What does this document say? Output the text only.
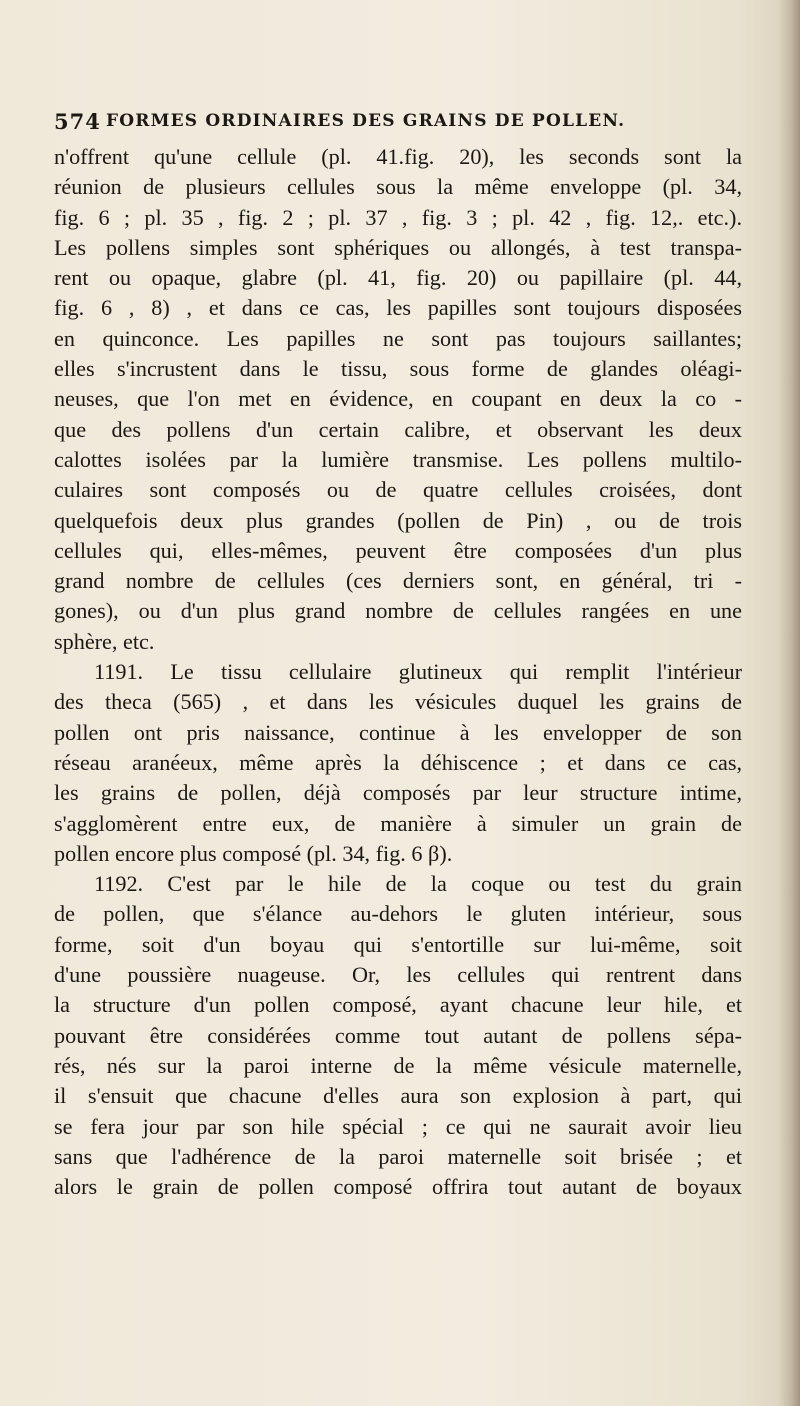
574 FORMES ORDINAIRES DES GRAINS DE POLLEN.
n'offrent qu'une cellule (pl. 41.fig. 20), les seconds sont la
réunion de plusieurs cellules sous la même enveloppe (pl. 34,
fig. 6 ; pl. 35 , fig. 2 ; pl. 37 , fig. 3 ; pl. 42 , fig. 12,. etc.).
Les pollens simples sont sphériques ou allongés, à test transpa-
rent ou opaque, glabre (pl. 41, fig. 20) ou papillaire (pl. 44,
fig. 6 , 8) , et dans ce cas, les papilles sont toujours disposées
en quinconce. Les papilles ne sont pas toujours saillantes;
elles s'incrustent dans le tissu, sous forme de glandes oléagi-
neuses, que l'on met en évidence, en coupant en deux la co -
que des pollens d'un certain calibre, et observant les deux
calottes isolées par la lumière transmise. Les pollens multilo-
culaires sont composés ou de quatre cellules croisées, dont
quelquefois deux plus grandes (pollen de Pin) , ou de trois
cellules qui, elles-mêmes, peuvent être composées d'un plus
grand nombre de cellules (ces derniers sont, en général, tri -
gones), ou d'un plus grand nombre de cellules rangées en une
sphère, etc.
1191. Le tissu cellulaire glutineux qui remplit l'intérieur
des theca (565) , et dans les vésicules duquel les grains de
pollen ont pris naissance, continue à les envelopper de son
réseau aranéeux, même après la déhiscence ; et dans ce cas,
les grains de pollen, déjà composés par leur structure intime,
s'agglomèrent entre eux, de manière à simuler un grain de
pollen encore plus composé (pl. 34, fig. 6 β).
1192. C'est par le hile de la coque ou test du grain
de pollen, que s'élance au-dehors le gluten intérieur, sous
forme, soit d'un boyau qui s'entortille sur lui-même, soit
d'une poussière nuageuse. Or, les cellules qui rentrent dans
la structure d'un pollen composé, ayant chacune leur hile, et
pouvant être considérées comme tout autant de pollens sépa-
rés, nés sur la paroi interne de la même vésicule maternelle,
il s'ensuit que chacune d'elles aura son explosion à part, qui
se fera jour par son hile spécial ; ce qui ne saurait avoir lieu
sans que l'adhérence de la paroi maternelle soit brisée ; et
alors le grain de pollen composé offrira tout autant de boyaux
